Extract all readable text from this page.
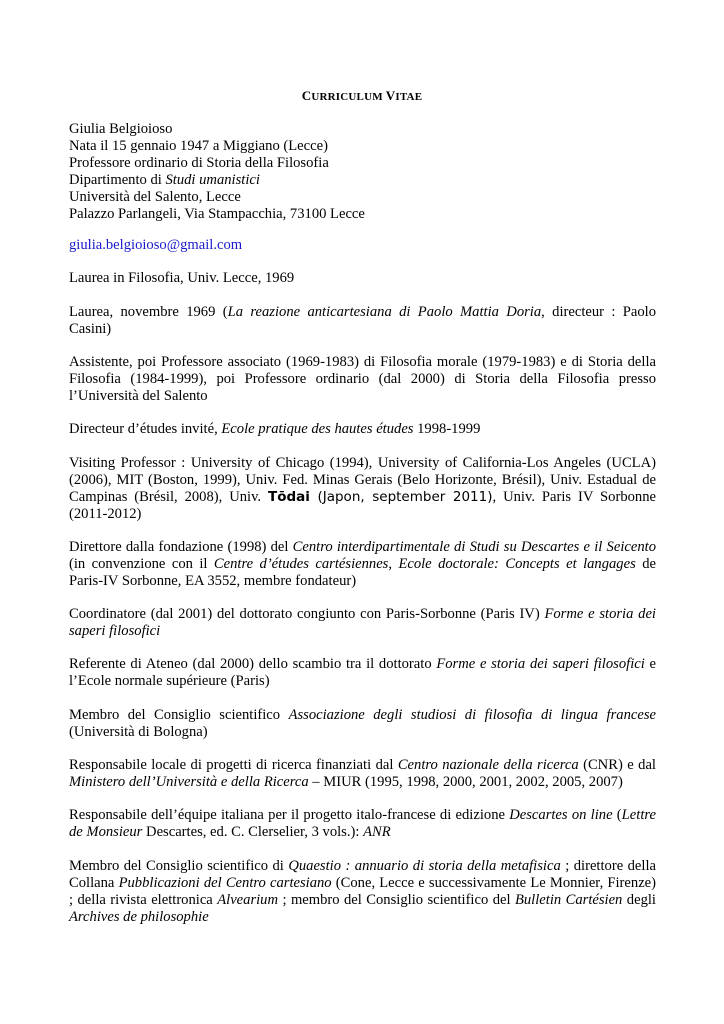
CURRICULUM VITAE
Giulia Belgioioso
Nata il 15 gennaio 1947 a Miggiano (Lecce)
Professore ordinario di Storia della Filosofia
Dipartimento di Studi umanistici
Università del Salento, Lecce
Palazzo Parlangeli, Via Stampacchia, 73100 Lecce
giulia.belgioioso@gmail.com
Laurea in Filosofia, Univ. Lecce, 1969

Laurea, novembre 1969 (La reazione anticartesiana di Paolo Mattia Doria, directeur : Paolo Casini)

Assistente, poi Professore associato (1969-1983) di Filosofia morale (1979-1983) e di Storia della Filosofia (1984-1999), poi Professore ordinario (dal 2000) di Storia della Filosofia presso l’Università del Salento

Directeur d’études invité, Ecole pratique des hautes études 1998-1999

Visiting Professor : University of Chicago (1994), University of California-Los Angeles (UCLA) (2006), MIT (Boston, 1999), Univ. Fed. Minas Gerais (Belo Horizonte, Brésil), Univ. Estadual de Campinas (Brésil, 2008), Univ. Tōdai (Japon, september 2011), Univ. Paris IV Sorbonne (2011-2012)

Direttore dalla fondazione (1998) del Centro interdipartimentale di Studi su Descartes e il Seicento (in convenzione con il Centre d’études cartésiennes, Ecole doctorale: Concepts et langages de Paris-IV Sorbonne, EA 3552, membre fondateur)

Coordinatore (dal 2001) del dottorato congiunto con Paris-Sorbonne (Paris IV) Forme e storia dei saperi filosofici

Referente di Ateneo (dal 2000) dello scambio tra il dottorato Forme e storia dei saperi filosofici e l’Ecole normale supérieure (Paris)

Membro del Consiglio scientifico Associazione degli studiosi di filosofia di lingua francese (Università di Bologna)

Responsabile locale di progetti di ricerca finanziati dal Centro nazionale della ricerca (CNR) e dal Ministero dell’Università e della Ricerca – MIUR (1995, 1998, 2000, 2001, 2002, 2005, 2007)

Responsabile dell’équipe italiana per il progetto italo-francese di edizione Descartes on line (Lettre de Monsieur Descartes, ed. C. Clerselier, 3 vols.): ANR

Membro del Consiglio scientifico di Quaestio : annuario di storia della metafisica ; direttore della Collana Pubblicazioni del Centro cartesiano (Cone, Lecce e successivamente Le Monnier, Firenze) ; della rivista elettronica Alvearium ; membro del Consiglio scientifico del Bulletin Cartésien degli Archives de philosophie
